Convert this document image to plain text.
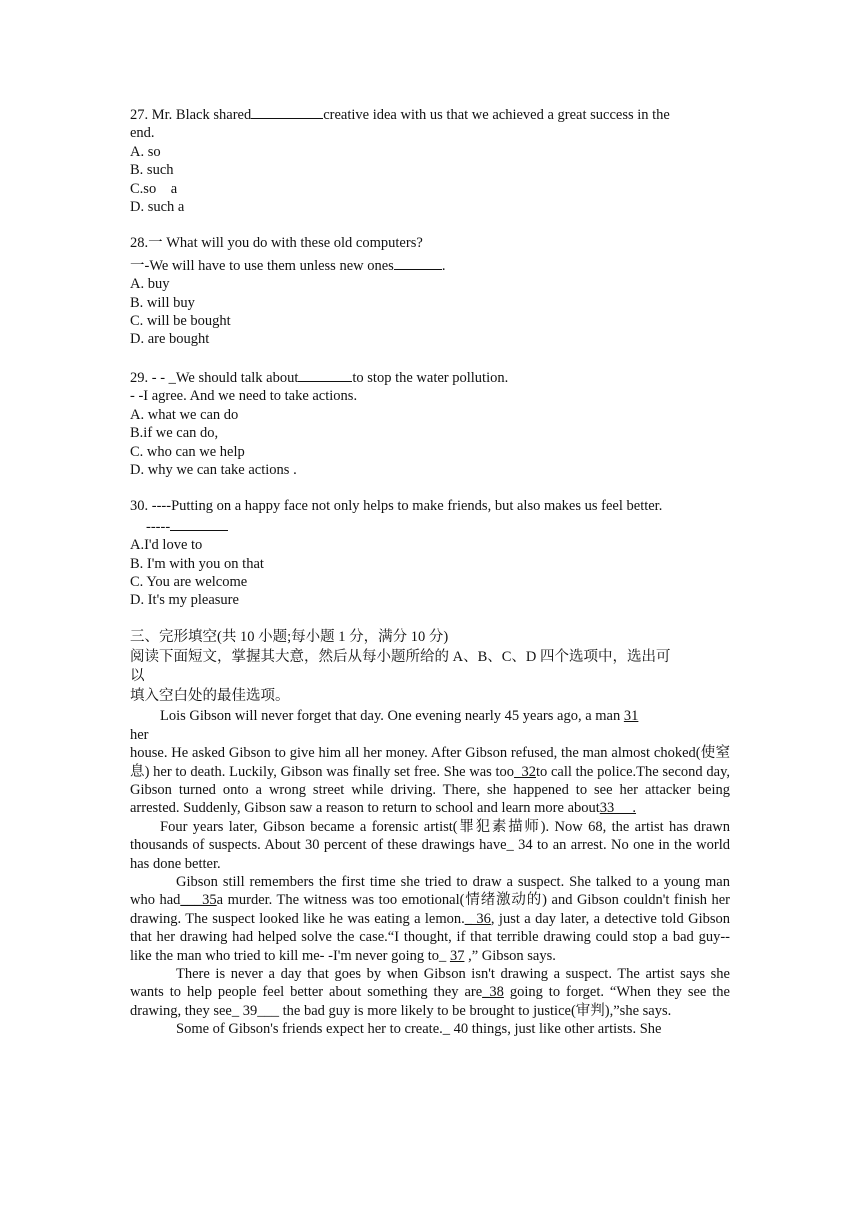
27. Mr. Black shared	creative idea with us that we achieved a great success in the

end.

A. so

B. such

C.so    a

D. such a

28.一 What will you do with these old computers?

一-We will have to use them unless new ones	.

A. buy

B. will buy

C. will be bought

D. are bought

29. - - _We should talk about	to stop the water pollution.

- -I agree. And we need to take actions.

A. what we can do

B.if we can do,

C. who can we help

D. why we can take actions .

30. ----Putting on a happy face not only helps to make friends, but also makes us feel better.

-----

A.I'd love to

B. I'm with you on that

C. You are welcome

D. It's my pleasure

三、完形填空(共 10 小题;每小题 1 分，满分 10 分)

阅读下面短文，掌握其大意，然后从每小题所给的 A、B、C、D 四个选项中，选出可

以

填入空白处的最佳选项。

Lois Gibson will never forget that day. One evening nearly 45 years ago, a man 31

her

house. He asked Gibson to give him all her money. After Gibson refused, the man almost choked(使窒息) her to death. Luckily, Gibson was finally set free. She was too  32to call the police.The second day, Gibson turned onto a wrong street while driving. There, she happened to see her attacker being arrested. Suddenly, Gibson saw a reason to return to school and learn more about33     .

Four years later, Gibson became a forensic artist(罪犯素描师). Now 68, the artist has drawn thousands of suspects. About 30 percent of these drawings have_ 34 to an arrest. No one in the world has done better.

Gibson still remembers the first time she tried to draw a suspect. She talked to a young man who had___35a murder. The witness was too emotional(情绪激动的) and Gibson couldn't finish her drawing. The suspect looked like he was eating a lemon._ 36, just a day later, a detective told Gibson that her drawing had helped solve the case.“I thought, if that terrible drawing could stop a bad guy--like the man who tried to kill me- -I'm never going to_ 37 ,” Gibson says.

There is never a day that goes by when Gibson isn't drawing a suspect. The artist says she wants to help people feel better about something they are_38 going to forget. “When they see the drawing, they see_ 39___ the bad guy is more likely to be brought to justice(审判),”she says.

Some of Gibson's friends expect her to create._ 40 things, just like other artists. She
